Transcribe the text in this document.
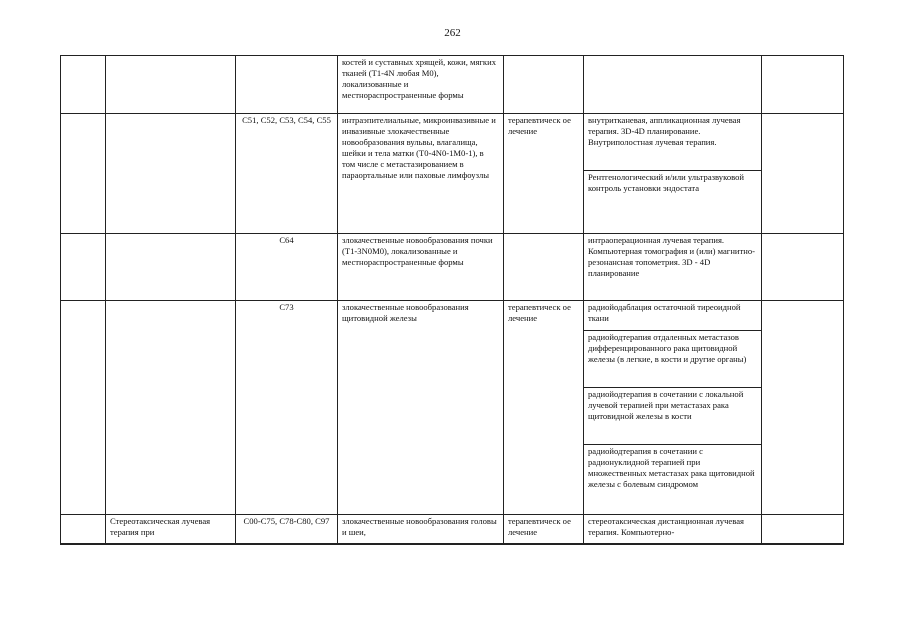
262
			костей и суставных хрящей, кожи, мягких тканей (T1-4N любая M0), локализованные и местнораспространенные формы			
		C51, C52, C53, C54, C55	интраэпителиальные, микроинвазивные и инвазивные злокачественные новообразования вульвы, влагалища, шейки и тела матки (T0-4N0-1M0-1), в том числе с метастазированием в параортальные или паховые лимфоузлы	терапевтическ ое лечение	внутритканевая, аппликационная лучевая терапия. 3D-4D планирование. Внутриполостная лучевая терапия.	
					Рентгенологический и/или ультразвуковой контроль установки эндостата	
		C64	злокачественные новообразования почки (T1-3N0M0), локализованные и местнораспространенные формы		интраоперационная лучевая терапия. Компьютерная томография и (или) магнитно-резонансная топометрия. 3D - 4D планирование	
		C73	злокачественные новообразования щитовидной железы	терапевтическ ое лечение	радиойодаблация остаточной тиреоидной ткани	
					радиойодтерапия отдаленных метастазов дифференцированного рака щитовидной железы (в легкие, в кости и другие органы)	
					радиойодтерапия в сочетании с локальной лучевой терапией при метастазах рака щитовидной железы в кости	
					радиойодтерапия в сочетании с радионуклидной терапией при множественных метастазах рака щитовидной железы с болевым синдромом	
	Стереотаксическая лучевая терапия при	C00-C75, C78-C80, C97	злокачественные новообразования головы и шеи,	терапевтическ ое лечение	стереотаксическая дистанционная лучевая терапия. Компьютерно-	
